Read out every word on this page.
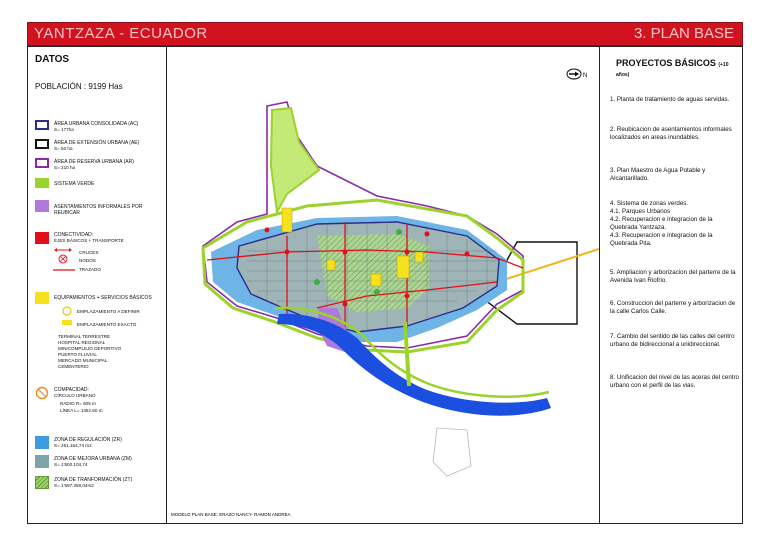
YANTZAZA - ECUADOR	3. PLAN BASE
DATOS
POBLACIÓN : 9199 Has
ÁREA URBANA CONSOLIDADA (AC)
S= 177ha
ÁREA DE EXTENSIÓN URBANA (AE)
S= 50 ha
ÁREA DE RESERVA URBANA (AR)
S= 210 ha
SISTEMA VERDE
ASENTAMIENTOS INFORMALES POR REUBICAR
CONECTIVIDAD:
EJES BÁSICOS + TRANSPORTE
CRUCES
NODOS
TRAZADO
EQUIPAMIENTOS + SERVICIOS BÁSICOS
EMPLAZAMIENTO A DEFINIR
EMPLAZAMIENTO EXACTO
TERMINAL TERRESTRE
HOSPITAL REGIONAL
MINICOMPLEJO DEPORTIVO
PUERTO FLUVIAL
MERCADO MUNICIPAL
CEMENTERIO
COMPACIDAD:
CÍRCULO URBANO
RADIO R= 605 m
LÍNEA L= 1452.60 m
ZONA DE REGULACIÓN (ZR)
S= 261.164,74 m2
ZONA DE MEJORA URBANA (ZM)
S= 1'600.104,74
ZONA DE TRANFORMACIÓN (ZT)
S= 1'597.359,04m2
PROYECTOS BÁSICOS (+10 años)
1. Planta de tratamiento de aguas servidas.
2. Reubicacion de asentamientos informales localizados en areas inundables.
3. Plan Maestro de Agua Potable y Alcantarillado.
4. Sistema de zonas verdes.
4.1. Parques Urbanos
4.2. Recuperacion e integracion de la Quebrada Yantzaza.
4.3. Recuperacion e integracion de la Quebrada Pita.
5. Ampliacion y arborizacion del parterre de la Avenida Ivan Riofrio.
6. Construccion del parterre y arborizacion de la calle Carlos Calle.
7. Cambio del sentido de las calles del centro urbano de bidireccional a unidireccional.
8. Unificacion del nivel de las aceras del centro urbano con el perfil de las vias.
N
MODELO PLAN BASE: ERAZO NANCY- RAMON ANDREA
